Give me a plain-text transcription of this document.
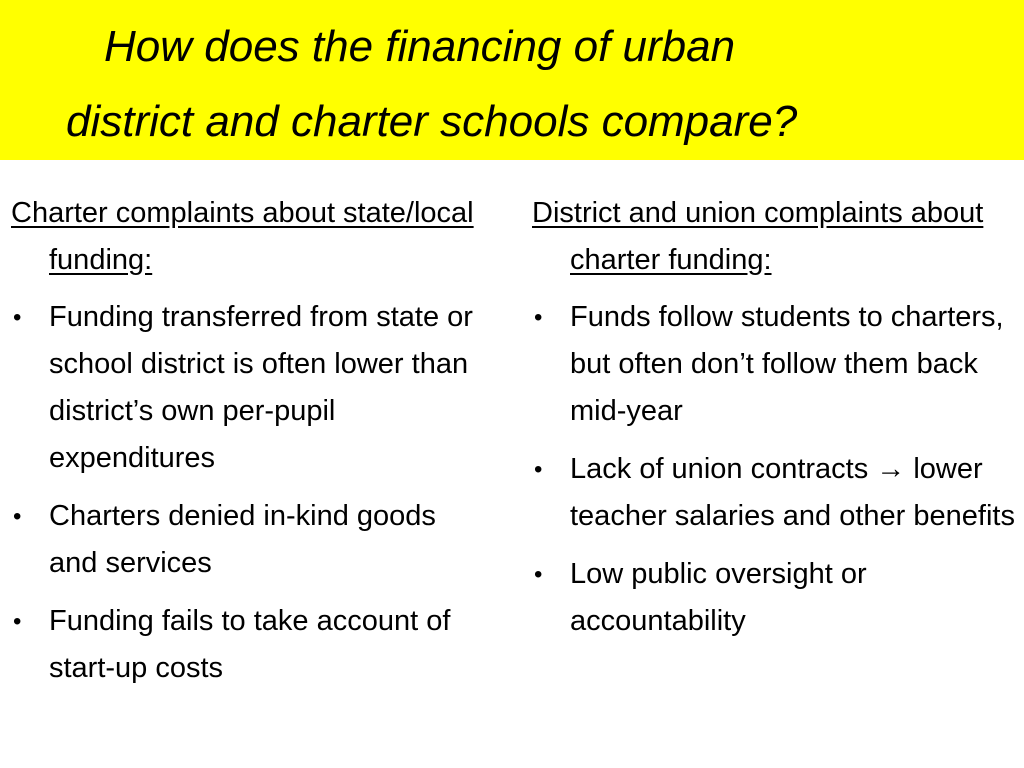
How does the financing of urban
district and charter schools compare?
Charter complaints about state/local funding:
• Funding transferred from state or school district is often lower than district’s own per-pupil expenditures
• Charters denied in-kind goods and services
• Funding fails to take account of start-up costs
District and union complaints about charter funding:
• Funds follow students to charters, but often don’t follow them back mid-year
• Lack of union contracts → lower teacher salaries and other benefits
• Low public oversight or accountability
